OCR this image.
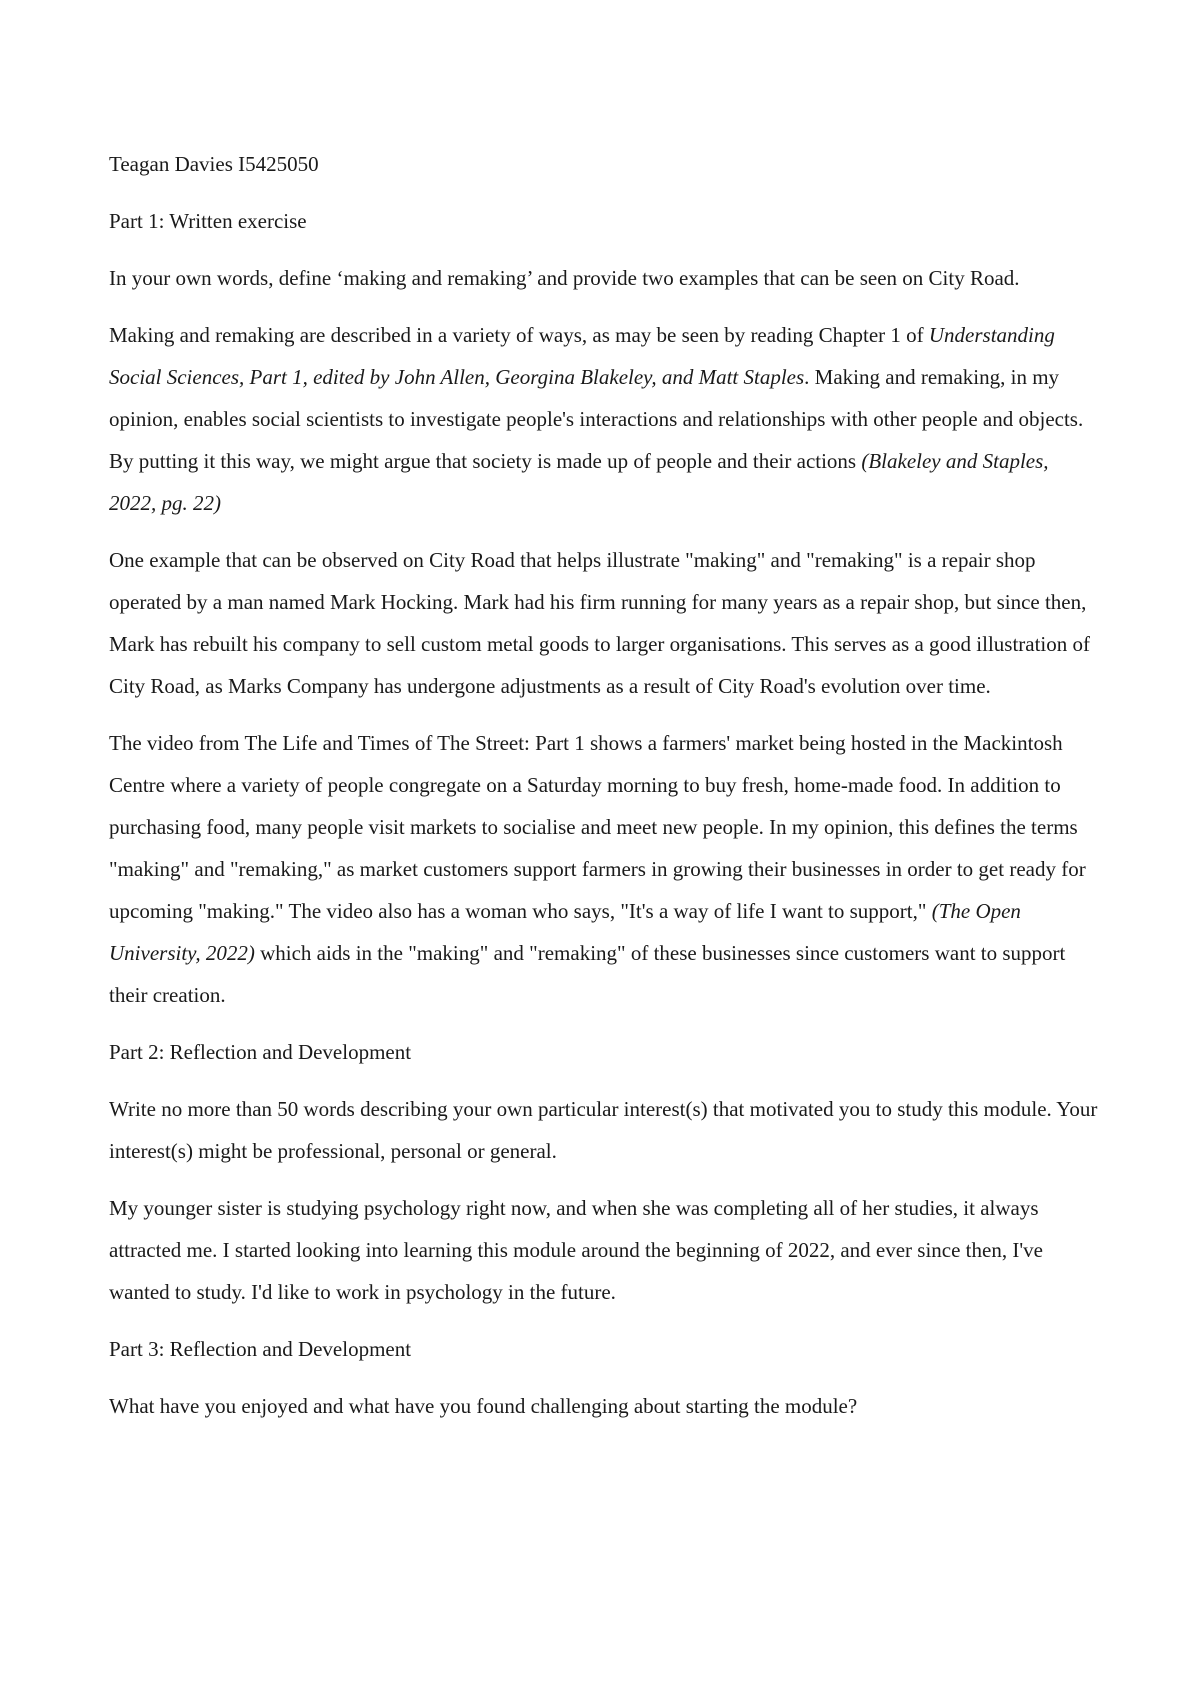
Teagan Davies I5425050

Part 1: Written exercise

In your own words, define ‘making and remaking’ and provide two examples that can be seen on City Road.

Making and remaking are described in a variety of ways, as may be seen by reading Chapter 1 of Understanding Social Sciences, Part 1, edited by John Allen, Georgina Blakeley, and Matt Staples. Making and remaking, in my opinion, enables social scientists to investigate people's interactions and relationships with other people and objects. By putting it this way, we might argue that society is made up of people and their actions (Blakeley and Staples, 2022, pg. 22)

One example that can be observed on City Road that helps illustrate "making" and "remaking" is a repair shop operated by a man named Mark Hocking. Mark had his firm running for many years as a repair shop, but since then, Mark has rebuilt his company to sell custom metal goods to larger organisations. This serves as a good illustration of City Road, as Marks Company has undergone adjustments as a result of City Road's evolution over time.

The video from The Life and Times of The Street: Part 1 shows a farmers' market being hosted in the Mackintosh Centre where a variety of people congregate on a Saturday morning to buy fresh, home-made food. In addition to purchasing food, many people visit markets to socialise and meet new people. In my opinion, this defines the terms "making" and "remaking," as market customers support farmers in growing their businesses in order to get ready for upcoming "making." The video also has a woman who says, "It's a way of life I want to support," (The Open University, 2022) which aids in the "making" and "remaking" of these businesses since customers want to support their creation.

Part 2: Reflection and Development

Write no more than 50 words describing your own particular interest(s) that motivated you to study this module. Your interest(s) might be professional, personal or general.

My younger sister is studying psychology right now, and when she was completing all of her studies, it always attracted me. I started looking into learning this module around the beginning of 2022, and ever since then, I've wanted to study. I'd like to work in psychology in the future.

Part 3: Reflection and Development

What have you enjoyed and what have you found challenging about starting the module?
